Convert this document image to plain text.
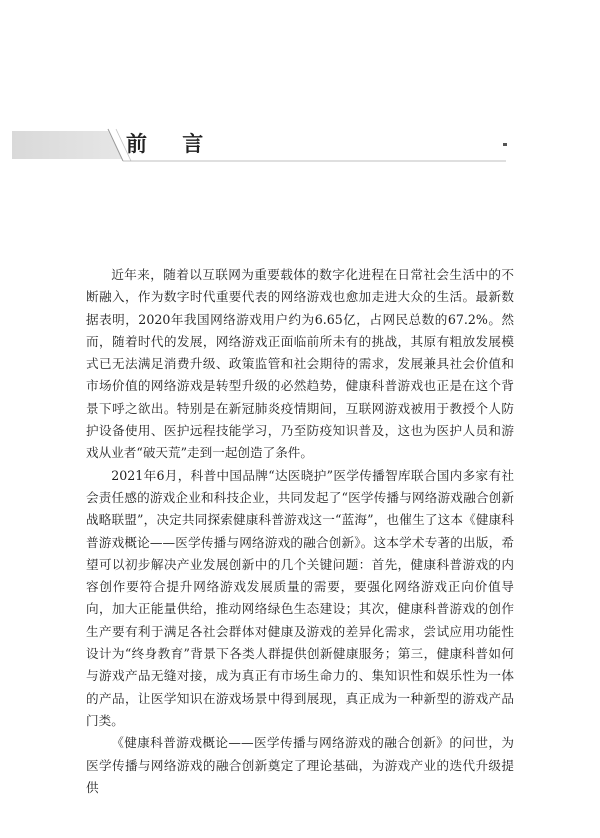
前 言

近年来，随着以互联网为重要载体的数字化进程在日常社会生活中的不断融入，作为数字时代重要代表的网络游戏也愈加走进大众的生活。最新数据表明，2020年我国网络游戏用户约为6.65亿，占网民总数的67.2%。然而，随着时代的发展，网络游戏正面临前所未有的挑战，其原有粗放发展模式已无法满足消费升级、政策监管和社会期待的需求，发展兼具社会价值和市场价值的网络游戏是转型升级的必然趋势，健康科普游戏也正是在这个背景下呼之欲出。特别是在新冠肺炎疫情期间，互联网游戏被用于教授个人防护设备使用、医护远程技能学习，乃至防疫知识普及，这也为医护人员和游戏从业者“破天荒”走到一起创造了条件。

2021年6月，科普中国品牌“达医晓护”医学传播智库联合国内多家有社会责任感的游戏企业和科技企业，共同发起了“医学传播与网络游戏融合创新战略联盟”，决定共同探索健康科普游戏这一“蓝海”，也催生了这本《健康科普游戏概论——医学传播与网络游戏的融合创新》。这本学术专著的出版，希望可以初步解决产业发展创新中的几个关键问题：首先，健康科普游戏的内容创作要符合提升网络游戏发展质量的需要，要强化网络游戏正向价值导向，加大正能量供给，推动网络绿色生态建设；其次，健康科普游戏的创作生产要有利于满足各社会群体对健康及游戏的差异化需求，尝试应用功能性设计为“终身教育”背景下各类人群提供创新健康服务；第三，健康科普如何与游戏产品无缝对接，成为真正有市场生命力的、集知识性和娱乐性为一体的产品，让医学知识在游戏场景中得到展现，真正成为一种新型的游戏产品门类。

《健康科普游戏概论——医学传播与网络游戏的融合创新》的问世，为医学传播与网络游戏的融合创新奠定了理论基础，为游戏产业的迭代升级提供
